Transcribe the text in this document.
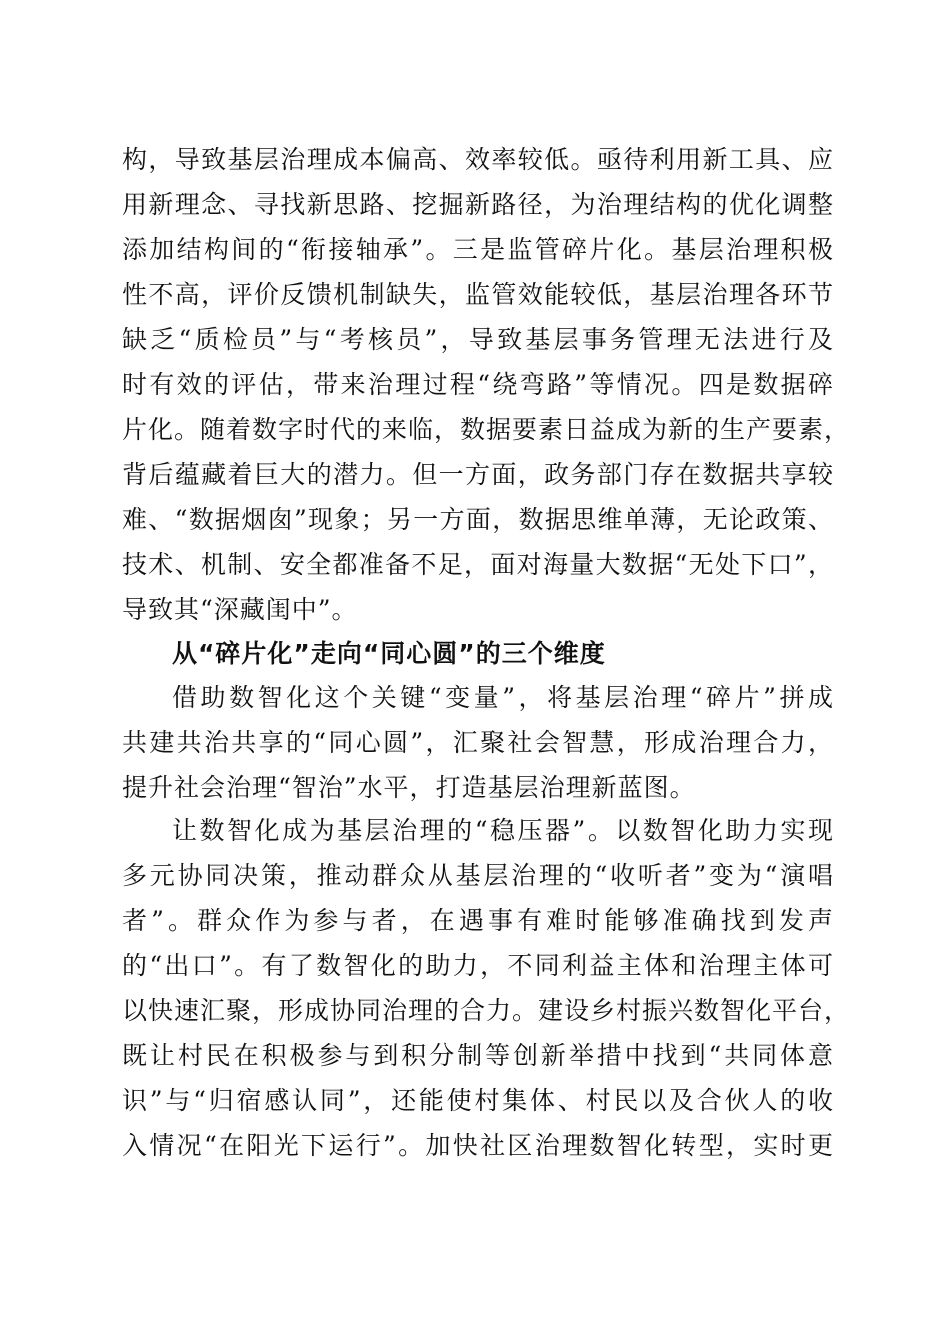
构，导致基层治理成本偏高、效率较低。亟待利用新工具、应
用新理念、寻找新思路、挖掘新路径，为治理结构的优化调整
添加结构间的“衔接轴承”。三是监管碎片化。基层治理积极
性不高，评价反馈机制缺失，监管效能较低，基层治理各环节
缺乏“质检员”与“考核员”，导致基层事务管理无法进行及
时有效的评估，带来治理过程“绕弯路”等情况。四是数据碎
片化。随着数字时代的来临，数据要素日益成为新的生产要素，
背后蕴藏着巨大的潜力。但一方面，政务部门存在数据共享较
难、“数据烟囱”现象；另一方面，数据思维单薄，无论政策、
技术、机制、安全都准备不足，面对海量大数据“无处下口”，
导致其“深藏闺中”。
从“碎片化”走向“同心圆”的三个维度
借助数智化这个关键“变量”，将基层治理“碎片”拼成
共建共治共享的“同心圆”，汇聚社会智慧，形成治理合力，
提升社会治理“智治”水平，打造基层治理新蓝图。
让数智化成为基层治理的“稳压器”。以数智化助力实现
多元协同决策，推动群众从基层治理的“收听者”变为“演唱
者”。群众作为参与者，在遇事有难时能够准确找到发声
的“出口”。有了数智化的助力，不同利益主体和治理主体可
以快速汇聚，形成协同治理的合力。建设乡村振兴数智化平台，
既让村民在积极参与到积分制等创新举措中找到“共同体意
识”与“归宿感认同”，还能使村集体、村民以及合伙人的收
入情况“在阳光下运行”。加快社区治理数智化转型，实时更
